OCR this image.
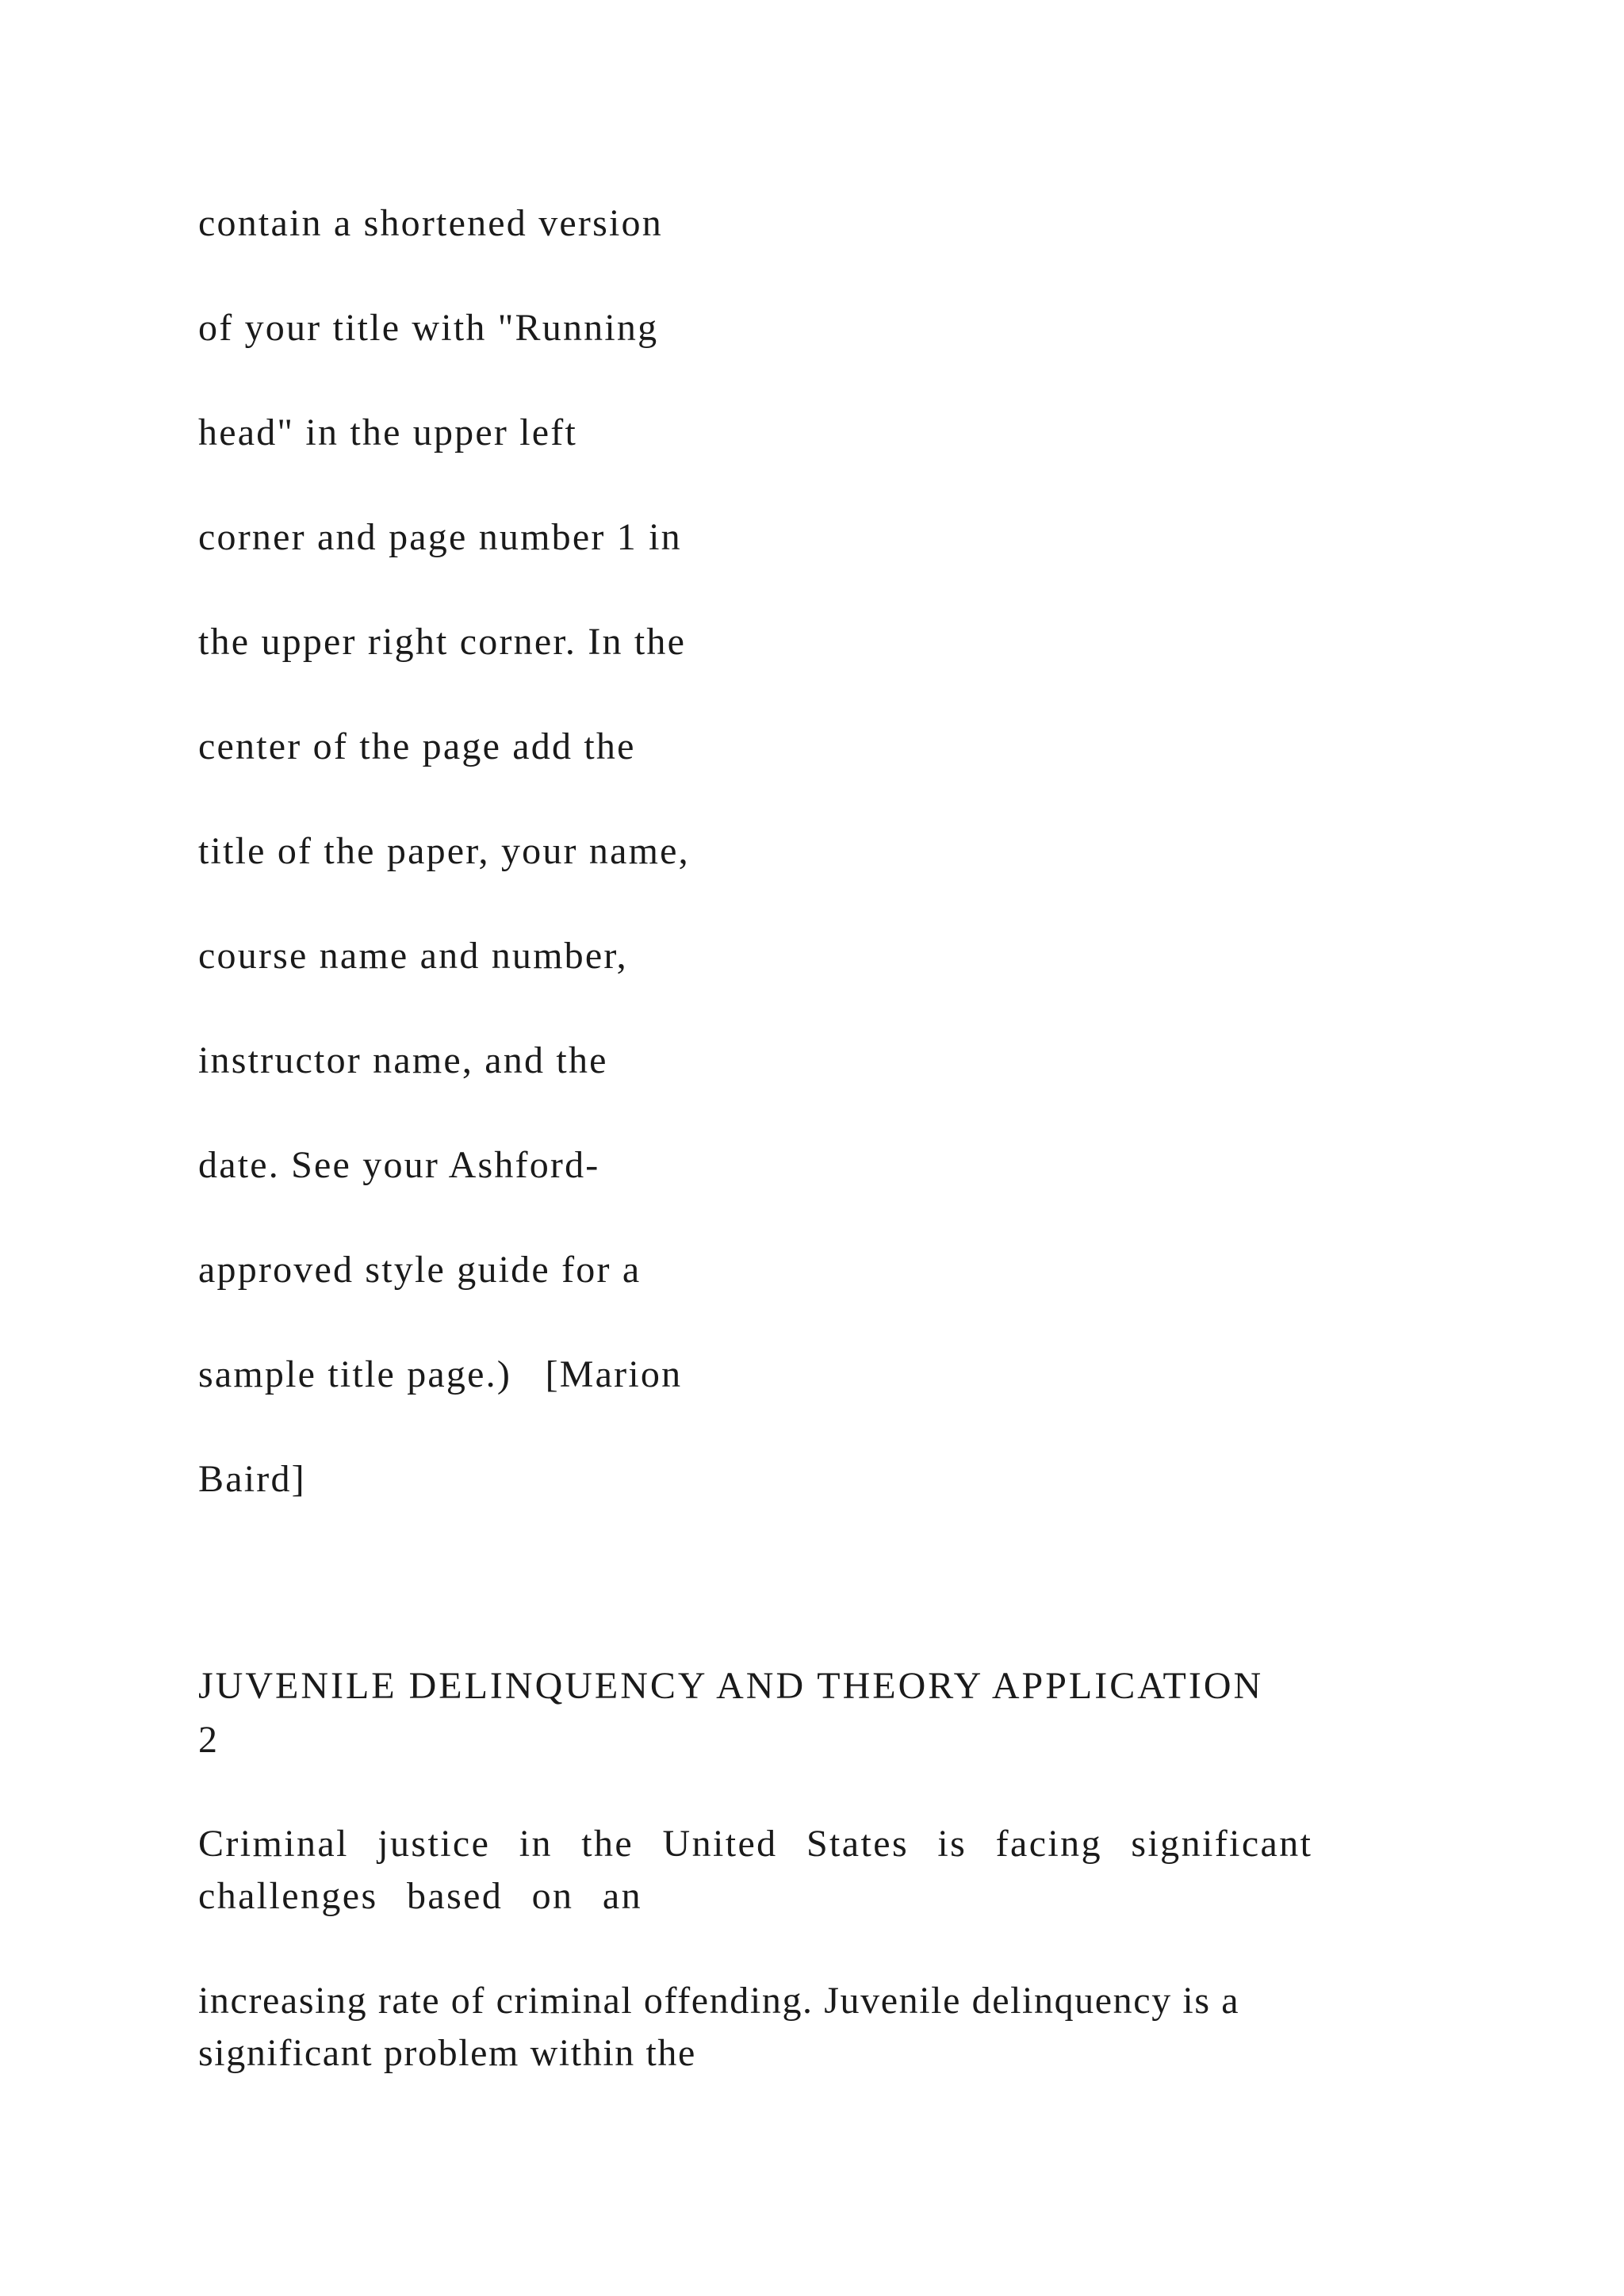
contain a shortened version
of your title with "Running
head" in the upper left
corner and page number 1 in
the upper right corner. In the
center of the page add the
title of the paper, your name,
course name and number,
instructor name, and the
date. See your Ashford-
approved style guide for a
sample title page.)   [Marion
Baird]
JUVENILE DELINQUENCY AND THEORY APPLICATION
2
Criminal justice in the United States is facing significant
challenges based on an
increasing rate of criminal offending. Juvenile delinquency is a
significant problem within the
